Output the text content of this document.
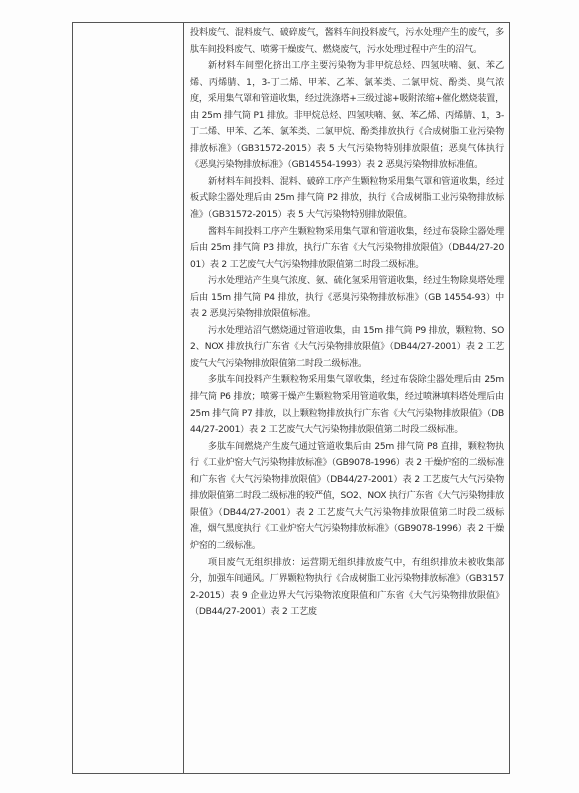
投料废气、混料废气、破碎废气，酱料车间投料废气，污水处理产生的废气，多肽车间投料废气、喷雾干燥废气、燃烧废气，污水处理过程中产生的沼气。

新材料车间塑化挤出工序主要污染物为非甲烷总烃、四氢呋喃、氨、苯乙烯、丙烯腈、1，3-丁二烯、甲苯、乙苯、氯苯类、二氯甲烷、酚类、臭气浓度，采用集气罩和管道收集，经过洗涤塔+三级过滤+吸附浓缩+催化燃烧装置，由 25m 排气筒 P1 排放。非甲烷总烃、四氢呋喃、氨、苯乙烯、丙烯腈、1，3-丁二烯、甲苯、乙苯、氯苯类、二氯甲烷、酚类排放执行《合成树脂工业污染物排放标准》（GB31572-2015）表 5 大气污染物特别排放限值；恶臭气体执行《恶臭污染物排放标准》（GB14554-1993）表 2 恶臭污染物排放标准值。

新材料车间投料、混料、破碎工序产生颗粒物采用集气罩和管道收集，经过板式除尘器处理后由 25m 排气筒 P2 排放，执行《合成树脂工业污染物排放标准》（GB31572-2015）表 5 大气污染物特别排放限值。

酱料车间投料工序产生颗粒物采用集气罩和管道收集，经过布袋除尘器处理后由 25m 排气筒 P3 排放，执行广东省《大气污染物排放限值》（DB44/27-2001）表 2 工艺废气大气污染物排放限值第二时段二级标准。

污水处理站产生臭气浓度、氨、硫化氢采用管道收集，经过生物除臭塔处理后由 15m 排气筒 P4 排放，执行《恶臭污染物排放标准》（GB 14554-93）中表 2 恶臭污染物排放限值标准。

污水处理站沼气燃烧通过管道收集，由 15m 排气筒 P9 排放，颗粒物、SO2、NOX 排放执行广东省《大气污染物排放限值》（DB44/27-2001）表 2 工艺废气大气污染物排放限值第二时段二级标准。

多肽车间投料产生颗粒物采用集气罩收集，经过布袋除尘器处理后由 25m 排气筒 P6 排放；喷雾干燥产生颗粒物采用管道收集，经过喷淋填料塔处理后由 25m 排气筒 P7 排放，以上颗粒物排放执行广东省《大气污染物排放限值》（DB44/27-2001）表 2 工艺废气大气污染物排放限值第二时段二级标准。

多肽车间燃烧产生废气通过管道收集后由 25m 排气筒 P8 直排，颗粒物执行《工业炉窑大气污染物排放标准》（GB9078-1996）表 2 干燥炉窑的二级标准和广东省《大气污染物排放限值》（DB44/27-2001）表 2 工艺废气大气污染物排放限值第二时段二级标准的较严值，SO2、NOX 执行广东省《大气污染物排放限值》（DB44/27-2001）表 2 工艺废气大气污染物排放限值第二时段二级标准，烟气黑度执行《工业炉窑大气污染物排放标准》（GB9078-1996）表 2 干燥炉窑的二级标准。

项目废气无组织排放：运营期无组织排放废气中，有组织排放未被收集部分，加强车间通风。厂界颗粒物执行《合成树脂工业污染物排放标准》（GB31572-2015）表 9 企业边界大气污染物浓度限值和广东省《大气污染物排放限值》（DB44/27-2001）表 2 工艺废
